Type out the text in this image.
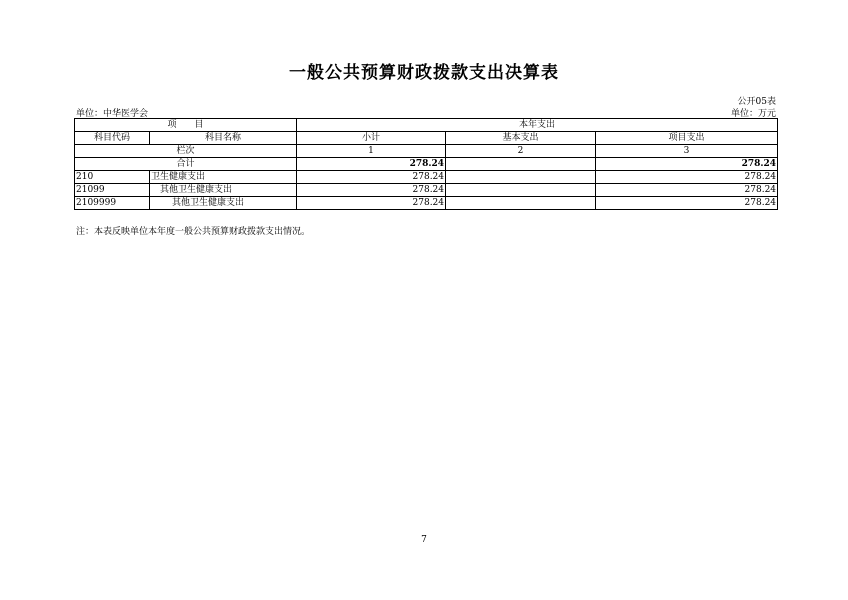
一般公共预算财政拨款支出决算表
公开05表
单位：中华医学会	单位：万元
项　　目		本年支出		
科目代码	科目名称	小计	基本支出	项目支出
栏次		1	2	3
合计		278.24		278.24
210	卫生健康支出	278.24		278.24
21099	其他卫生健康支出	278.24		278.24
2109999	其他卫生健康支出	278.24		278.24
注：本表反映单位本年度一般公共预算财政拨款支出情况。
7
